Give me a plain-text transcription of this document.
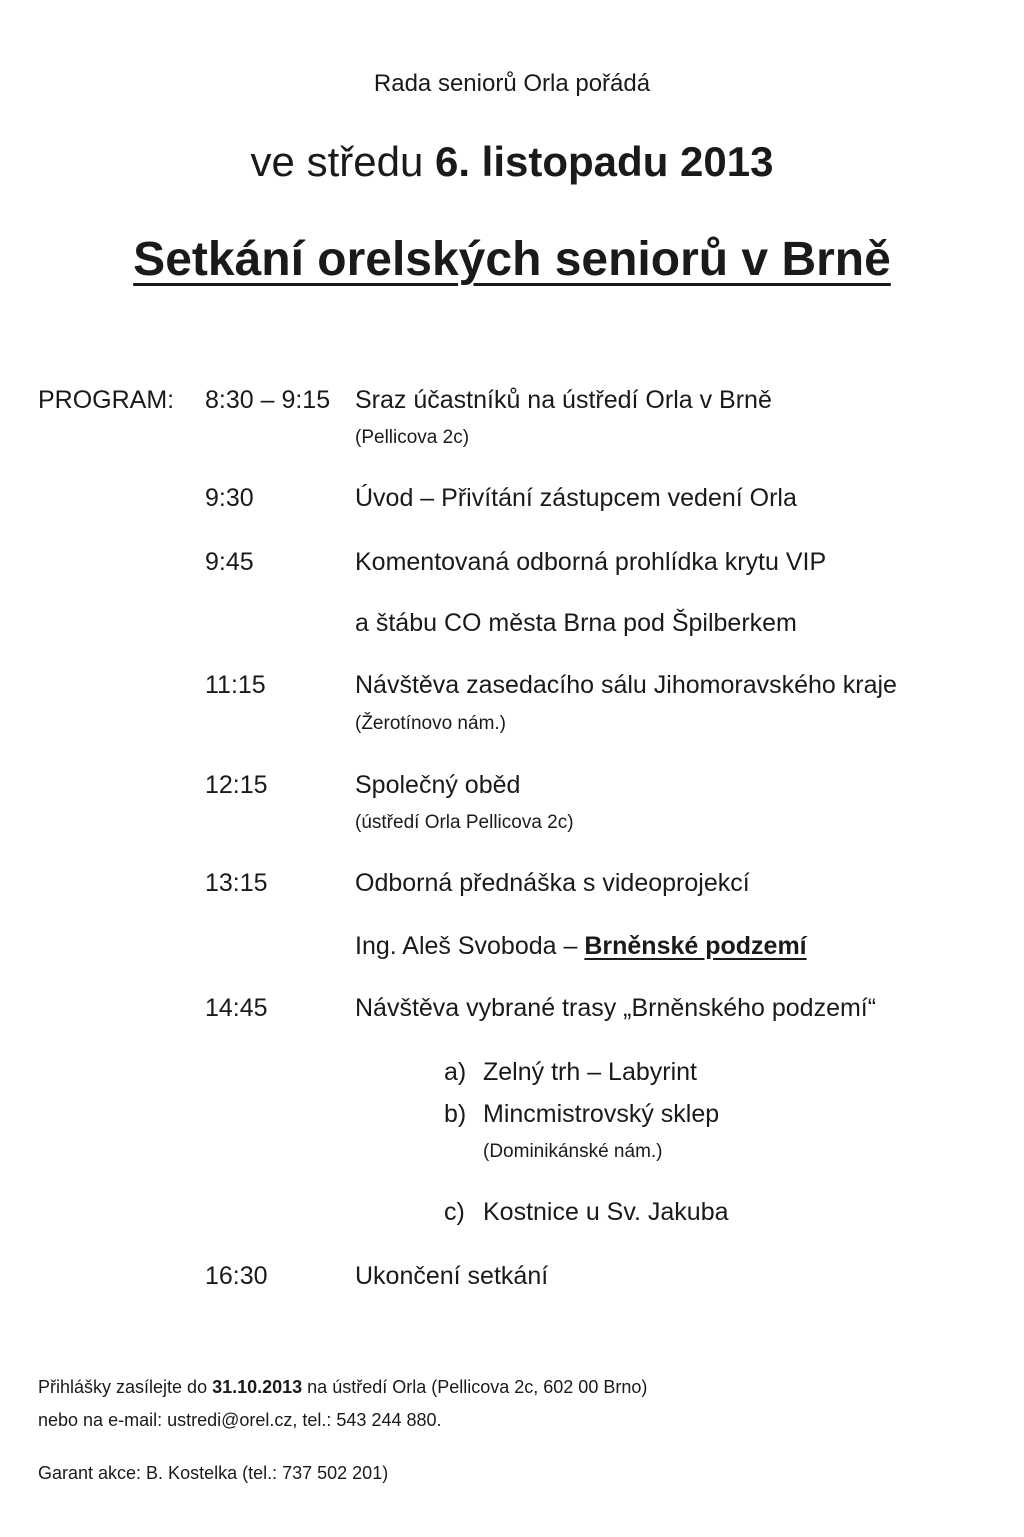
Rada seniorů Orla pořádá
ve středu 6. listopadu 2013
Setkání orelských seniorů v Brně
PROGRAM: 8:30 – 9:15 Sraz účastníků na ústředí Orla v Brně
(Pellicova 2c)
9:30	Úvod – Přivítání zástupcem vedení Orla
9:45	Komentovaná odborná prohlídka krytu VIP
a štábu CO města Brna pod Špilberkem
11:15	Návštěva zasedacího sálu Jihomoravského kraje
(Žerotínovo nám.)
12:15	Společný oběd
(ústředí Orla Pellicova 2c)
13:15	Odborná přednáška s videoprojekcí
Ing. Aleš Svoboda – Brněnské podzemí
14:45	Návštěva vybrané trasy „Brněnského podzemí“
a) Zelný trh – Labyrint
b) Mincmistrovský sklep
(Dominikánské nám.)
c) Kostnice u Sv. Jakuba
16:30	Ukončení setkání
Přihlášky zasílejte do 31.10.2013 na ústředí Orla (Pellicova 2c, 602 00 Brno)
nebo na e-mail: ustredi@orel.cz, tel.: 543 244 880.
Garant akce: B. Kostelka (tel.: 737 502 201)
